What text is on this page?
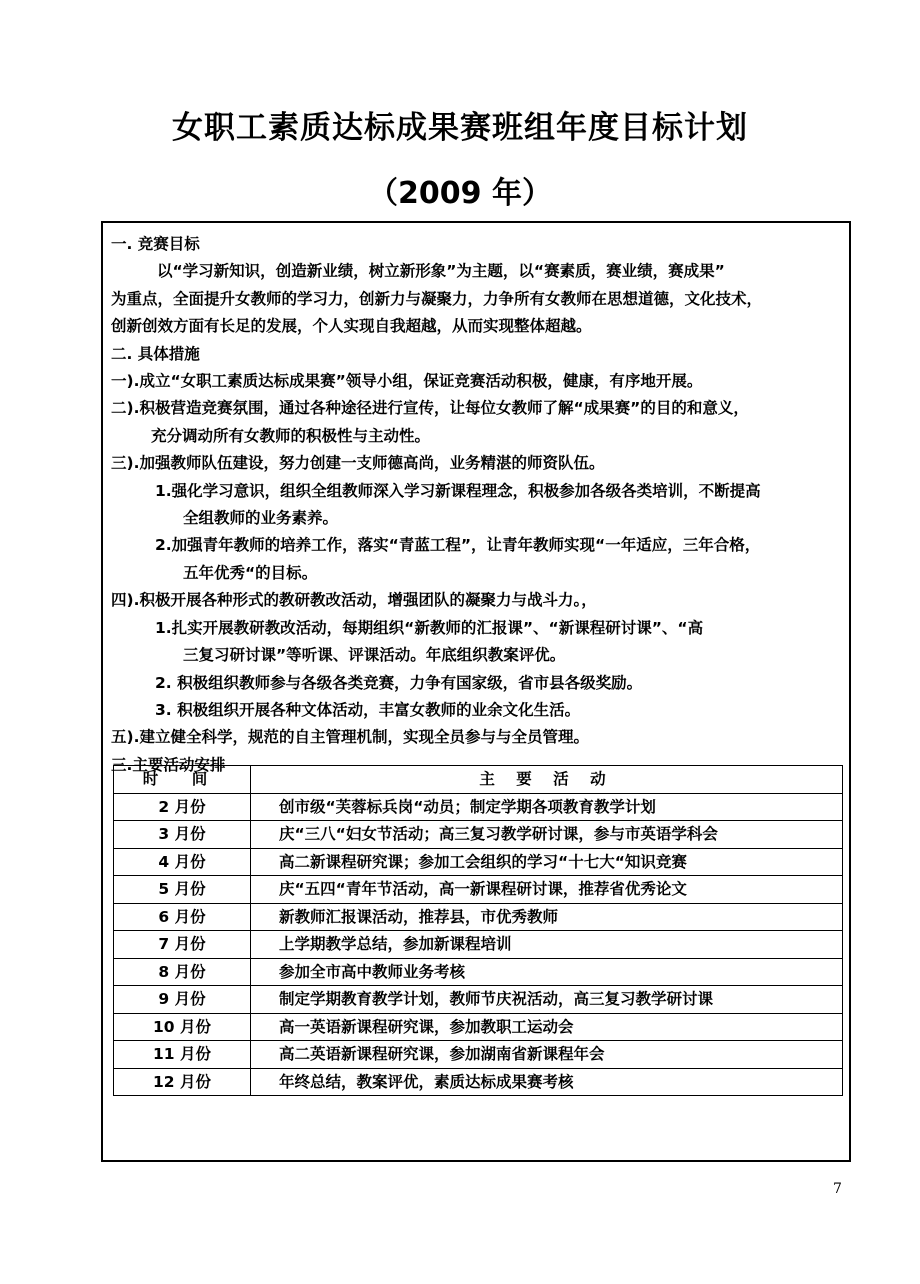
女职工素质达标成果赛班组年度目标计划
（2009 年）
一. 竞赛目标
以“学习新知识，创造新业绩，树立新形象”为主题，以“赛素质，赛业绩，赛成果”
为重点，全面提升女教师的学习力，创新力与凝聚力，力争所有女教师在思想道德，文化技术，
创新创效方面有长足的发展，个人实现自我超越，从而实现整体超越。
二. 具体措施
一).成立“女职工素质达标成果赛”领导小组，保证竞赛活动积极，健康，有序地开展。
二).积极营造竞赛氛围，通过各种途径进行宣传，让每位女教师了解“成果赛”的目的和意义，
充分调动所有女教师的积极性与主动性。
三).加强教师队伍建设，努力创建一支师德高尚，业务精湛的师资队伍。
1.强化学习意识，组织全组教师深入学习新课程理念，积极参加各级各类培训，不断提高
全组教师的业务素养。
2.加强青年教师的培养工作，落实“青蓝工程”，让青年教师实现“一年适应，三年合格，
五年优秀“的目标。
四).积极开展各种形式的教研教改活动，增强团队的凝聚力与战斗力。，
1.扎实开展教研教改活动，每期组织“新教师的汇报课”、“新课程研讨课”、“高
三复习研讨课”等听课、评课活动。年底组织教案评优。
2. 积极组织教师参与各级各类竞赛，力争有国家级，省市县各级奖励。
3. 积极组织开展各种文体活动，丰富女教师的业余文化生活。
五).建立健全科学，规范的自主管理机制，实现全员参与与全员管理。
三.主要活动安排
时 间	主 要 活 动
2 月份	创市级“芙蓉标兵岗“动员；制定学期各项教育教学计划
3 月份	庆“三八“妇女节活动；高三复习教学研讨课，参与市英语学科会
4 月份	高二新课程研究课；参加工会组织的学习“十七大“知识竞赛
5 月份	庆“五四“青年节活动，高一新课程研讨课，推荐省优秀论文
6 月份	新教师汇报课活动，推荐县，市优秀教师
7 月份	上学期教学总结，参加新课程培训
8 月份	参加全市高中教师业务考核
9 月份	制定学期教育教学计划，教师节庆祝活动，高三复习教学研讨课
10 月份	高一英语新课程研究课，参加教职工运动会
11 月份	高二英语新课程研究课，参加湖南省新课程年会
12 月份	年终总结，教案评优，素质达标成果赛考核
7
